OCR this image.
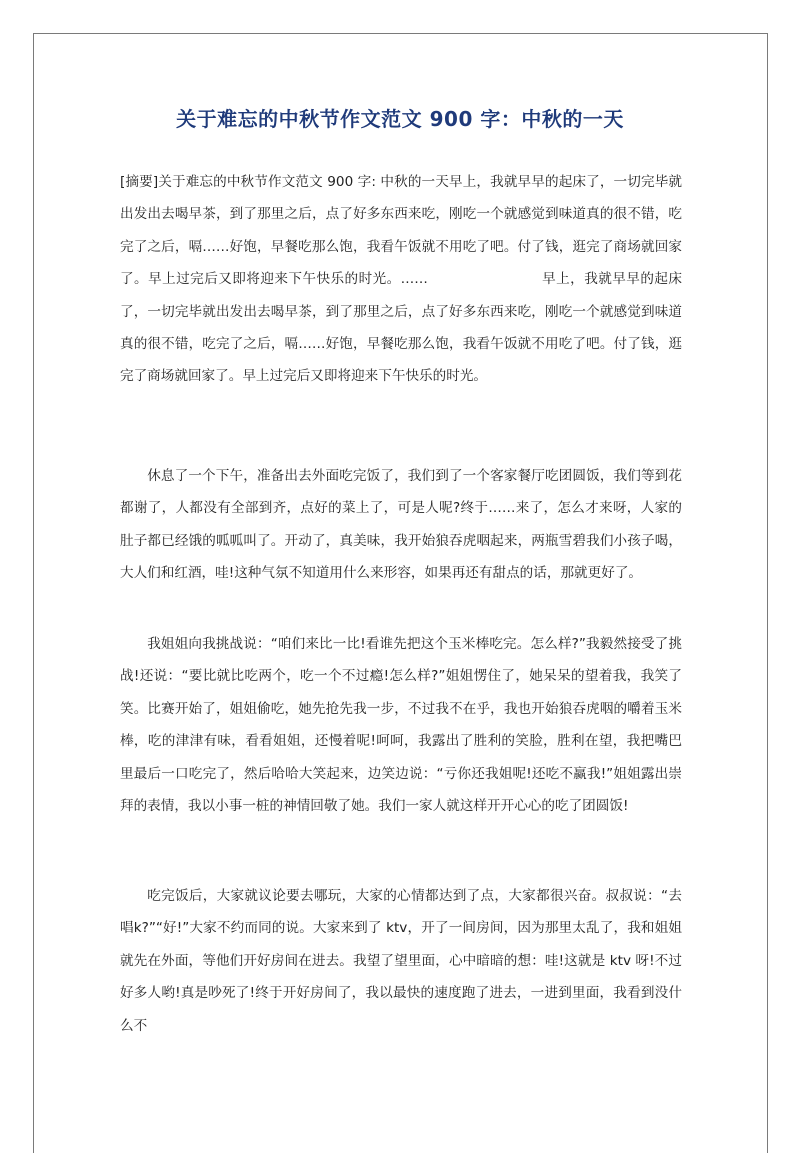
关于难忘的中秋节作文范文 900 字：中秋的一天

[摘要]关于难忘的中秋节作文范文 900 字: 中秋的一天早上，我就早早的起床了，一切完毕就出发出去喝早茶，到了那里之后，点了好多东西来吃，刚吃一个就感觉到味道真的很不错，吃完了之后，嗝……好饱，早餐吃那么饱，我看午饭就不用吃了吧。付了钱，逛完了商场就回家了。早上过完后又即将迎来下午快乐的时光。……                        早上，我就早早的起床了，一切完毕就出发出去喝早茶，到了那里之后，点了好多东西来吃，刚吃一个就感觉到味道真的很不错，吃完了之后，嗝……好饱，早餐吃那么饱，我看午饭就不用吃了吧。付了钱，逛完了商场就回家了。早上过完后又即将迎来下午快乐的时光。

休息了一个下午，准备出去外面吃完饭了，我们到了一个客家餐厅吃团圆饭，我们等到花都谢了，人都没有全部到齐，点好的菜上了，可是人呢?终于……来了，怎么才来呀，人家的肚子都已经饿的呱呱叫了。开动了，真美味，我开始狼吞虎咽起来，两瓶雪碧我们小孩子喝，大人们和红酒，哇!这种气氛不知道用什么来形容，如果再还有甜点的话，那就更好了。

我姐姐向我挑战说：“咱们来比一比!看谁先把这个玉米棒吃完。怎么样?”我毅然接受了挑战!还说：“要比就比吃两个，吃一个不过瘾!怎么样?”姐姐愣住了，她呆呆的望着我，我笑了笑。比赛开始了，姐姐偷吃，她先抢先我一步，不过我不在乎，我也开始狼吞虎咽的嚼着玉米棒，吃的津津有味，看看姐姐，还慢着呢!呵呵，我露出了胜利的笑脸，胜利在望，我把嘴巴里最后一口吃完了，然后哈哈大笑起来，边笑边说：“亏你还我姐呢!还吃不赢我!”姐姐露出崇拜的表情，我以小事一桩的神情回敬了她。我们一家人就这样开开心心的吃了团圆饭!

吃完饭后，大家就议论要去哪玩，大家的心情都达到了点，大家都很兴奋。叔叔说：“去唱k?”“好!”大家不约而同的说。大家来到了 ktv，开了一间房间，因为那里太乱了，我和姐姐就先在外面，等他们开好房间在进去。我望了望里面，心中暗暗的想：哇!这就是 ktv 呀!不过好多人哟!真是吵死了!终于开好房间了，我以最快的速度跑了进去，一进到里面，我看到没什么不
